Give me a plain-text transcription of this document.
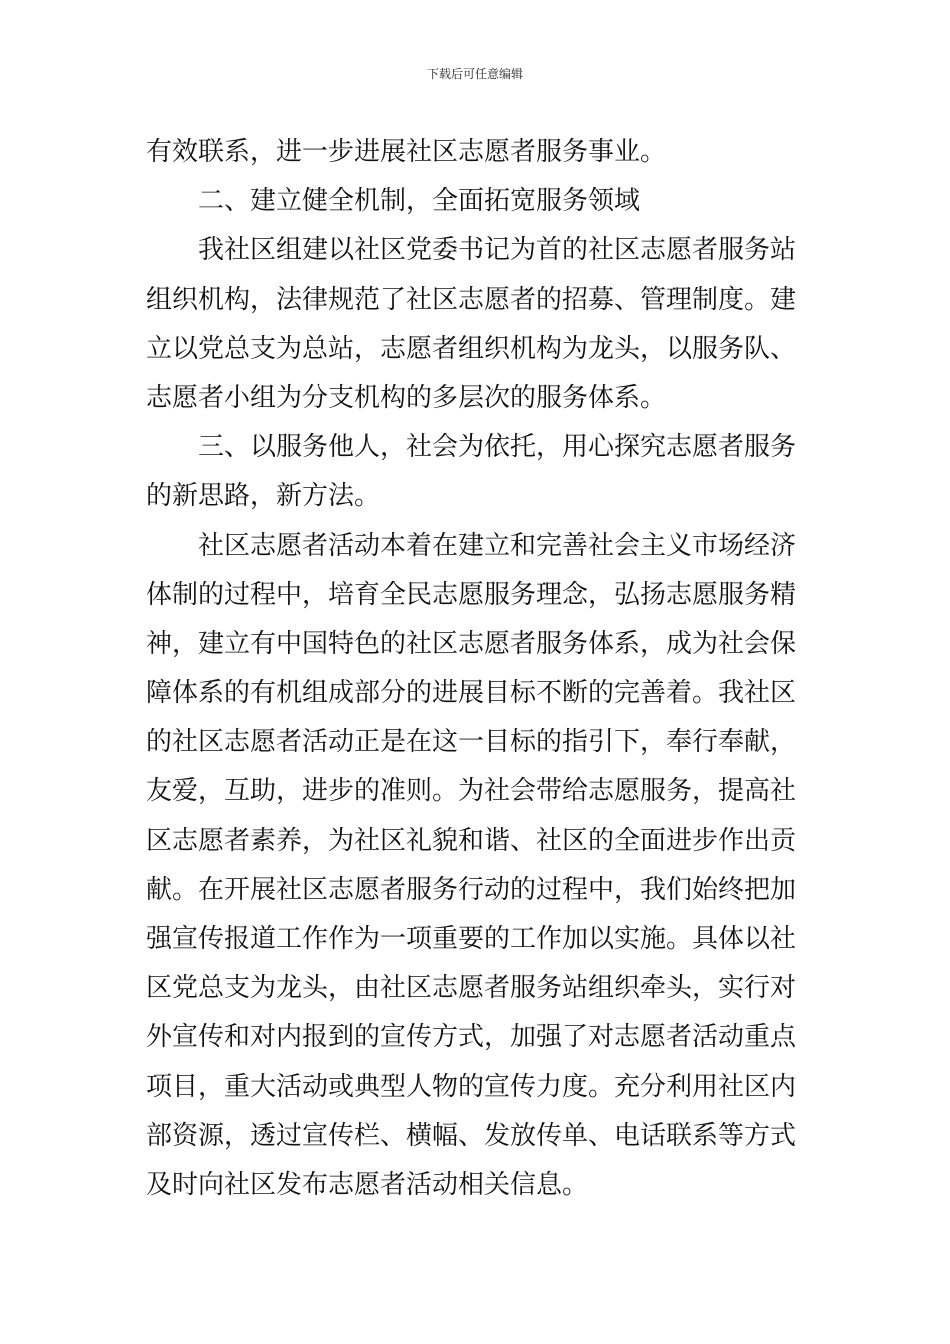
下载后可任意编辑
有效联系，进一步进展社区志愿者服务事业。
二、建立健全机制，全面拓宽服务领域
我社区组建以社区党委书记为首的社区志愿者服务站
组织机构，法律规范了社区志愿者的招募、管理制度。建
立以党总支为总站，志愿者组织机构为龙头，以服务队、
志愿者小组为分支机构的多层次的服务体系。
三、以服务他人，社会为依托，用心探究志愿者服务
的新思路，新方法。
社区志愿者活动本着在建立和完善社会主义市场经济
体制的过程中，培育全民志愿服务理念，弘扬志愿服务精
神，建立有中国特色的社区志愿者服务体系，成为社会保
障体系的有机组成部分的进展目标不断的完善着。我社区
的社区志愿者活动正是在这一目标的指引下，奉行奉献，
友爱，互助，进步的准则。为社会带给志愿服务，提高社
区志愿者素养，为社区礼貌和谐、社区的全面进步作出贡
献。在开展社区志愿者服务行动的过程中，我们始终把加
强宣传报道工作作为一项重要的工作加以实施。具体以社
区党总支为龙头，由社区志愿者服务站组织牵头，实行对
外宣传和对内报到的宣传方式，加强了对志愿者活动重点
项目，重大活动或典型人物的宣传力度。充分利用社区内
部资源，透过宣传栏、横幅、发放传单、电话联系等方式
及时向社区发布志愿者活动相关信息。
